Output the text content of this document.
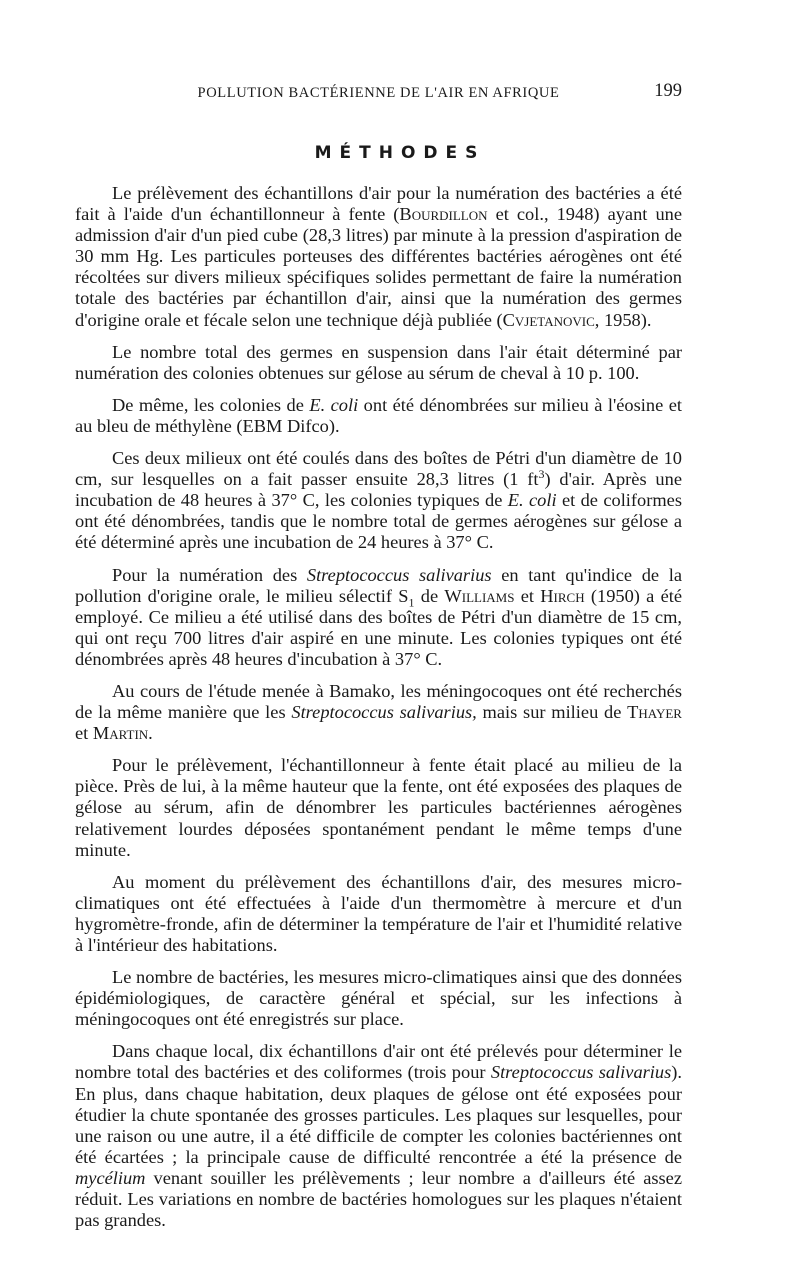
POLLUTION BACTÉRIENNE DE L'AIR EN AFRIQUE	199
MÉTHODES

Le prélèvement des échantillons d'air pour la numération des bactéries a été fait à l'aide d'un échantillonneur à fente (Bourdillon et col., 1948) ayant une admission d'air d'un pied cube (28,3 litres) par minute à la pression d'aspiration de 30 mm Hg. Les particules porteuses des différentes bactéries aérogènes ont été récoltées sur divers milieux spécifiques solides permettant de faire la numération totale des bactéries par échantillon d'air, ainsi que la numération des germes d'origine orale et fécale selon une technique déjà publiée (Cvjetanovic, 1958).

Le nombre total des germes en suspension dans l'air était déterminé par numération des colonies obtenues sur gélose au sérum de cheval à 10 p. 100.

De même, les colonies de E. coli ont été dénombrées sur milieu à l'éosine et au bleu de méthylène (EBM Difco).

Ces deux milieux ont été coulés dans des boîtes de Pétri d'un diamètre de 10 cm, sur lesquelles on a fait passer ensuite 28,3 litres (1 $ft^3$) d'air. Après une incubation de 48 heures à 37° C, les colonies typiques de E. coli et de coliformes ont été dénombrées, tandis que le nombre total de germes aérogènes sur gélose a été déterminé après une incubation de 24 heures à 37° C.

Pour la numération des Streptococcus salivarius en tant qu'indice de la pollution d'origine orale, le milieu sélectif $S_1$ de Williams et Hirch (1950) a été employé. Ce milieu a été utilisé dans des boîtes de Pétri d'un diamètre de 15 cm, qui ont reçu 700 litres d'air aspiré en une minute. Les colonies typiques ont été dénombrées après 48 heures d'incubation à 37° C.

Au cours de l'étude menée à Bamako, les méningocoques ont été recherchés de la même manière que les Streptococcus salivarius, mais sur milieu de Thayer et Martin.

Pour le prélèvement, l'échantillonneur à fente était placé au milieu de la pièce. Près de lui, à la même hauteur que la fente, ont été exposées des plaques de gélose au sérum, afin de dénombrer les particules bactériennes aérogènes relativement lourdes déposées spontanément pendant le même temps d'une minute.

Au moment du prélèvement des échantillons d'air, des mesures micro-climatiques ont été effectuées à l'aide d'un thermomètre à mercure et d'un hygromètre-fronde, afin de déterminer la température de l'air et l'humidité relative à l'intérieur des habitations.

Le nombre de bactéries, les mesures micro-climatiques ainsi que des données épidémiologiques, de caractère général et spécial, sur les infections à méningocoques ont été enregistrés sur place.

Dans chaque local, dix échantillons d'air ont été prélevés pour déterminer le nombre total des bactéries et des coliformes (trois pour Streptococcus salivarius). En plus, dans chaque habitation, deux plaques de gélose ont été exposées pour étudier la chute spontanée des grosses particules. Les plaques sur lesquelles, pour une raison ou une autre, il a été difficile de compter les colonies bactériennes ont été écartées ; la principale cause de difficulté rencontrée a été la présence de mycélium venant souiller les prélèvements ; leur nombre a d'ailleurs été assez réduit. Les variations en nombre de bactéries homologues sur les plaques n'étaient pas grandes.
